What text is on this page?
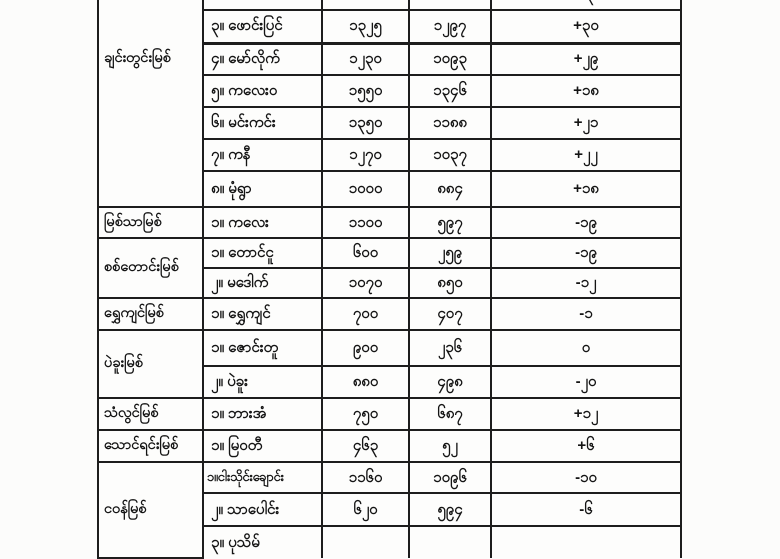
ချင်းတွင်းမြစ်				
	၃။ ဖောင်းပြင်	၁၃၂၅	၁၂၉၇	+၃၀
	၄။ မော်လိုက်	၁၂၃၀	၁၀၉၃	+၂၉
	၅။ ကလေးဝ	၁၅၅၀	၁၃၄၆	+၁၈
	၆။ မင်းကင်း	၁၃၅၀	၁၁၈၈	+၂၁
	၇။ ကနီ	၁၂၇၀	၁၀၃၇	+၂၂
	၈။ မုံရွာ	၁၀၀၀	၈၈၄	+၁၈
မြစ်သာမြစ်	၁။ ကလေး	၁၁၀၀	၅၉၇	-၁၉
စစ်တောင်းမြစ်	၁။ တောင်ငူ	၆၀၀	၂၅၉	-၁၉
	၂။ မဒေါက်	၁၀၇၀	၈၅၀	-၁၂
ရွှေကျင်မြစ်	၁။ ရွှေကျင်	၇၀၀	၄၀၇	-၁
ပဲခူးမြစ်	၁။ ဇောင်းတူ	၉၀၀	၂၃၆	၀
	၂။ ပဲခူး	၈၈၀	၄၉၈	-၂၀
သံလွင်မြစ်	၁။ ဘားအံ	၇၅၀	၆၈၇	+၁၂
သောင်ရင်းမြစ်	၁။ မြဝတီ	၄၆၃	၅၂	+၆
ငဝန်မြစ်	၁။ငါးသိုင်းချောင်း	၁၁၆၀	၁၀၉၆	-၁၀
	၂။ သာပေါင်း	၆၂၀	၅၉၄	-၆
	၃။ ပုသိမ်			
